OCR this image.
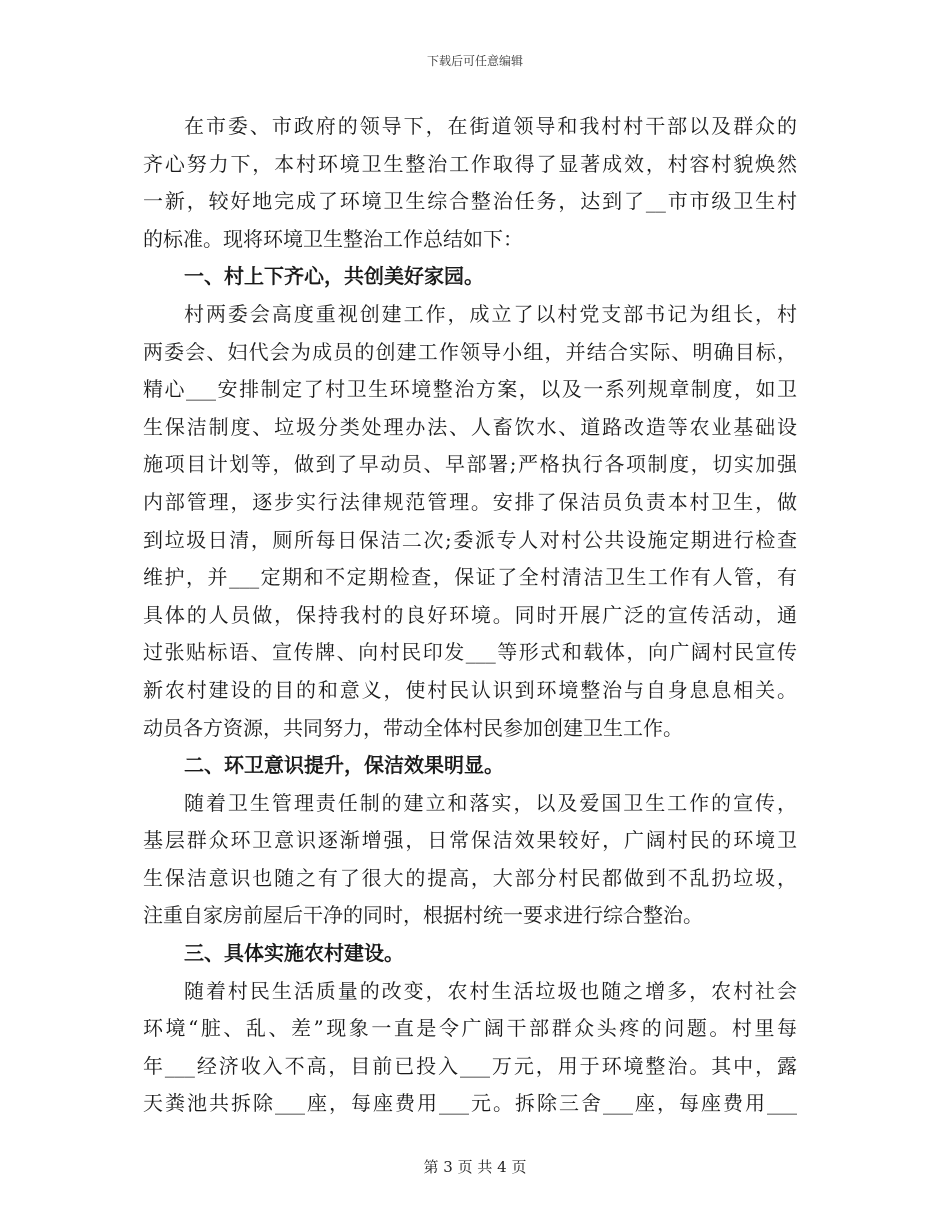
下载后可任意编辑
在市委、市政府的领导下，在街道领导和我村村干部以及群众的
齐心努力下，本村环境卫生整治工作取得了显著成效，村容村貌焕然
一新，较好地完成了环境卫生综合整治任务，达到了__市市级卫生村
的标准。现将环境卫生整治工作总结如下：
一、村上下齐心，共创美好家园。
村两委会高度重视创建工作，成立了以村党支部书记为组长，村
两委会、妇代会为成员的创建工作领导小组，并结合实际、明确目标，
精心___安排制定了村卫生环境整治方案，以及一系列规章制度，如卫
生保洁制度、垃圾分类处理办法、人畜饮水、道路改造等农业基础设
施项目计划等，做到了早动员、早部署;严格执行各项制度，切实加强
内部管理，逐步实行法律规范管理。安排了保洁员负责本村卫生，做
到垃圾日清，厕所每日保洁二次;委派专人对村公共设施定期进行检查
维护，并___定期和不定期检查，保证了全村清洁卫生工作有人管，有
具体的人员做，保持我村的良好环境。同时开展广泛的宣传活动，通
过张贴标语、宣传牌、向村民印发___等形式和载体，向广阔村民宣传
新农村建设的目的和意义，使村民认识到环境整治与自身息息相关。
动员各方资源，共同努力，带动全体村民参加创建卫生工作。
二、环卫意识提升，保洁效果明显。
随着卫生管理责任制的建立和落实，以及爱国卫生工作的宣传，
基层群众环卫意识逐渐增强，日常保洁效果较好，广阔村民的环境卫
生保洁意识也随之有了很大的提高，大部分村民都做到不乱扔垃圾，
注重自家房前屋后干净的同时，根据村统一要求进行综合整治。
三、具体实施农村建设。
随着村民生活质量的改变，农村生活垃圾也随之增多，农村社会
环境“脏、乱、差”现象一直是令广阔干部群众头疼的问题。村里每
年___经济收入不高，目前已投入___万元，用于环境整治。其中，露
天粪池共拆除___座，每座费用___元。拆除三舍___座，每座费用___
第 3 页 共 4 页
